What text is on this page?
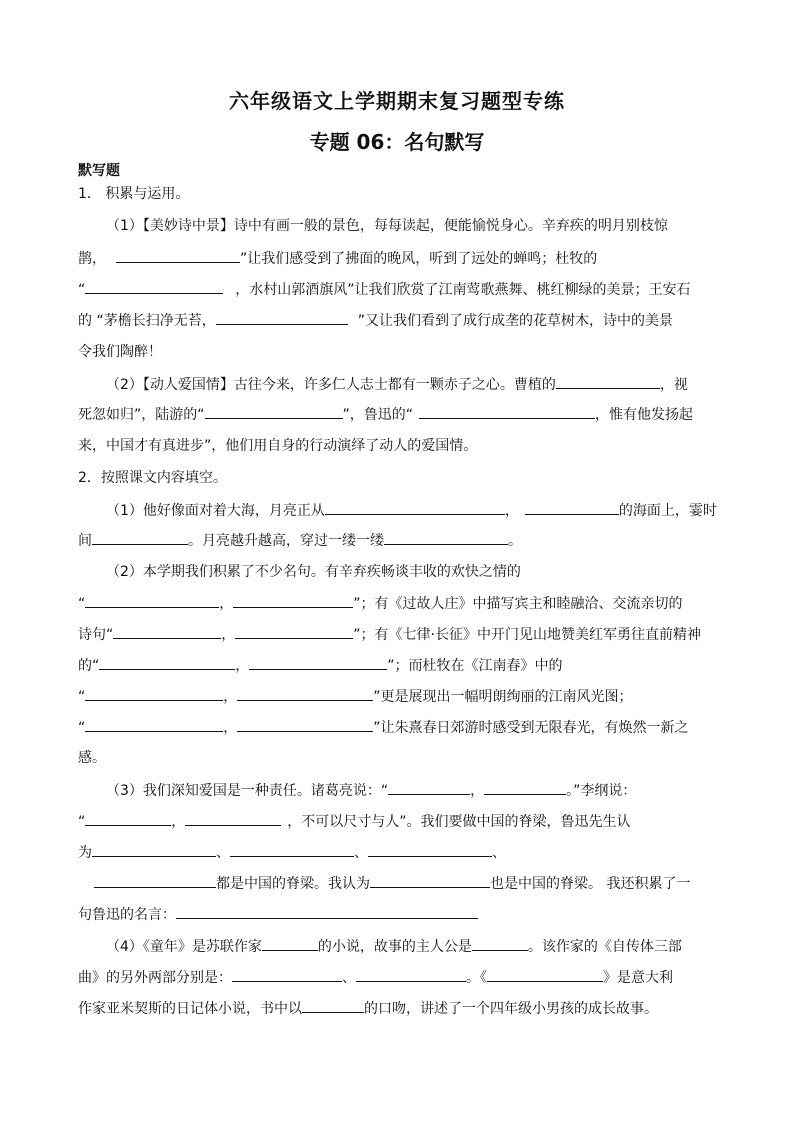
六年级语文上学期期末复习题型专练
专题 06：名句默写
默写题
1． 积累与运用。
（1）【美妙诗中景】诗中有画一般的景色，每每读起，便能愉悦身心。辛弃疾的明月别枝惊
鹊，	”让我们感受到了拂面的晚风，听到了远处的蝉鸣；杜牧的
“	，水村山郭酒旗风”让我们欣赏了江南莺歌燕舞、桃红柳绿的美景；王安石
的 “茅檐长扫净无苔，	”又让我们看到了成行成垄的花草树木，诗中的美景
令我们陶醉！
（2）【动人爱国情】古往今来，许多仁人志士都有一颗赤子之心。曹植的	，视
死忽如归”，陆游的“	”，鲁迅的“	，惟有他发扬起
来，中国才有真进步”，他们用自身的行动演绎了动人的爱国情。
2．按照课文内容填空。
（1）他好像面对着大海，月亮正从	，	的海面上，霎时
间	。月亮越升越高，穿过一缕一缕	。
（2）本学期我们积累了不少名句。有辛弃疾畅谈丰收的欢快之情的
“	，	”；有《过故人庄》中描写宾主和睦融洽、交流亲切的
诗句“	，	”；有《七律·长征》中开门见山地赞美红军勇往直前精神
的“	，	”；而杜牧在《江南春》中的
“	，	”更是展现出一幅明朗绚丽的江南风光图；
“	，	”让朱熹春日郊游时感受到无限春光，有焕然一新之
感。
（3）我们深知爱国是一种责任。诸葛亮说：“	，	。”李纲说：
“	，	，不可以尺寸与人”。我们要做中国的脊梁，鲁迅先生认
为	、	、	、
都是中国的脊梁。我认为	也是中国的脊梁。 我还积累了一
句鲁迅的名言：
（4）《童年》是苏联作家	的小说，故事的主人公是	。该作家的《自传体三部
曲》的另外两部分别是：	、	。《	》是意大利
作家亚米契斯的日记体小说，书中以	的口吻，讲述了一个四年级小男孩的成长故事。
